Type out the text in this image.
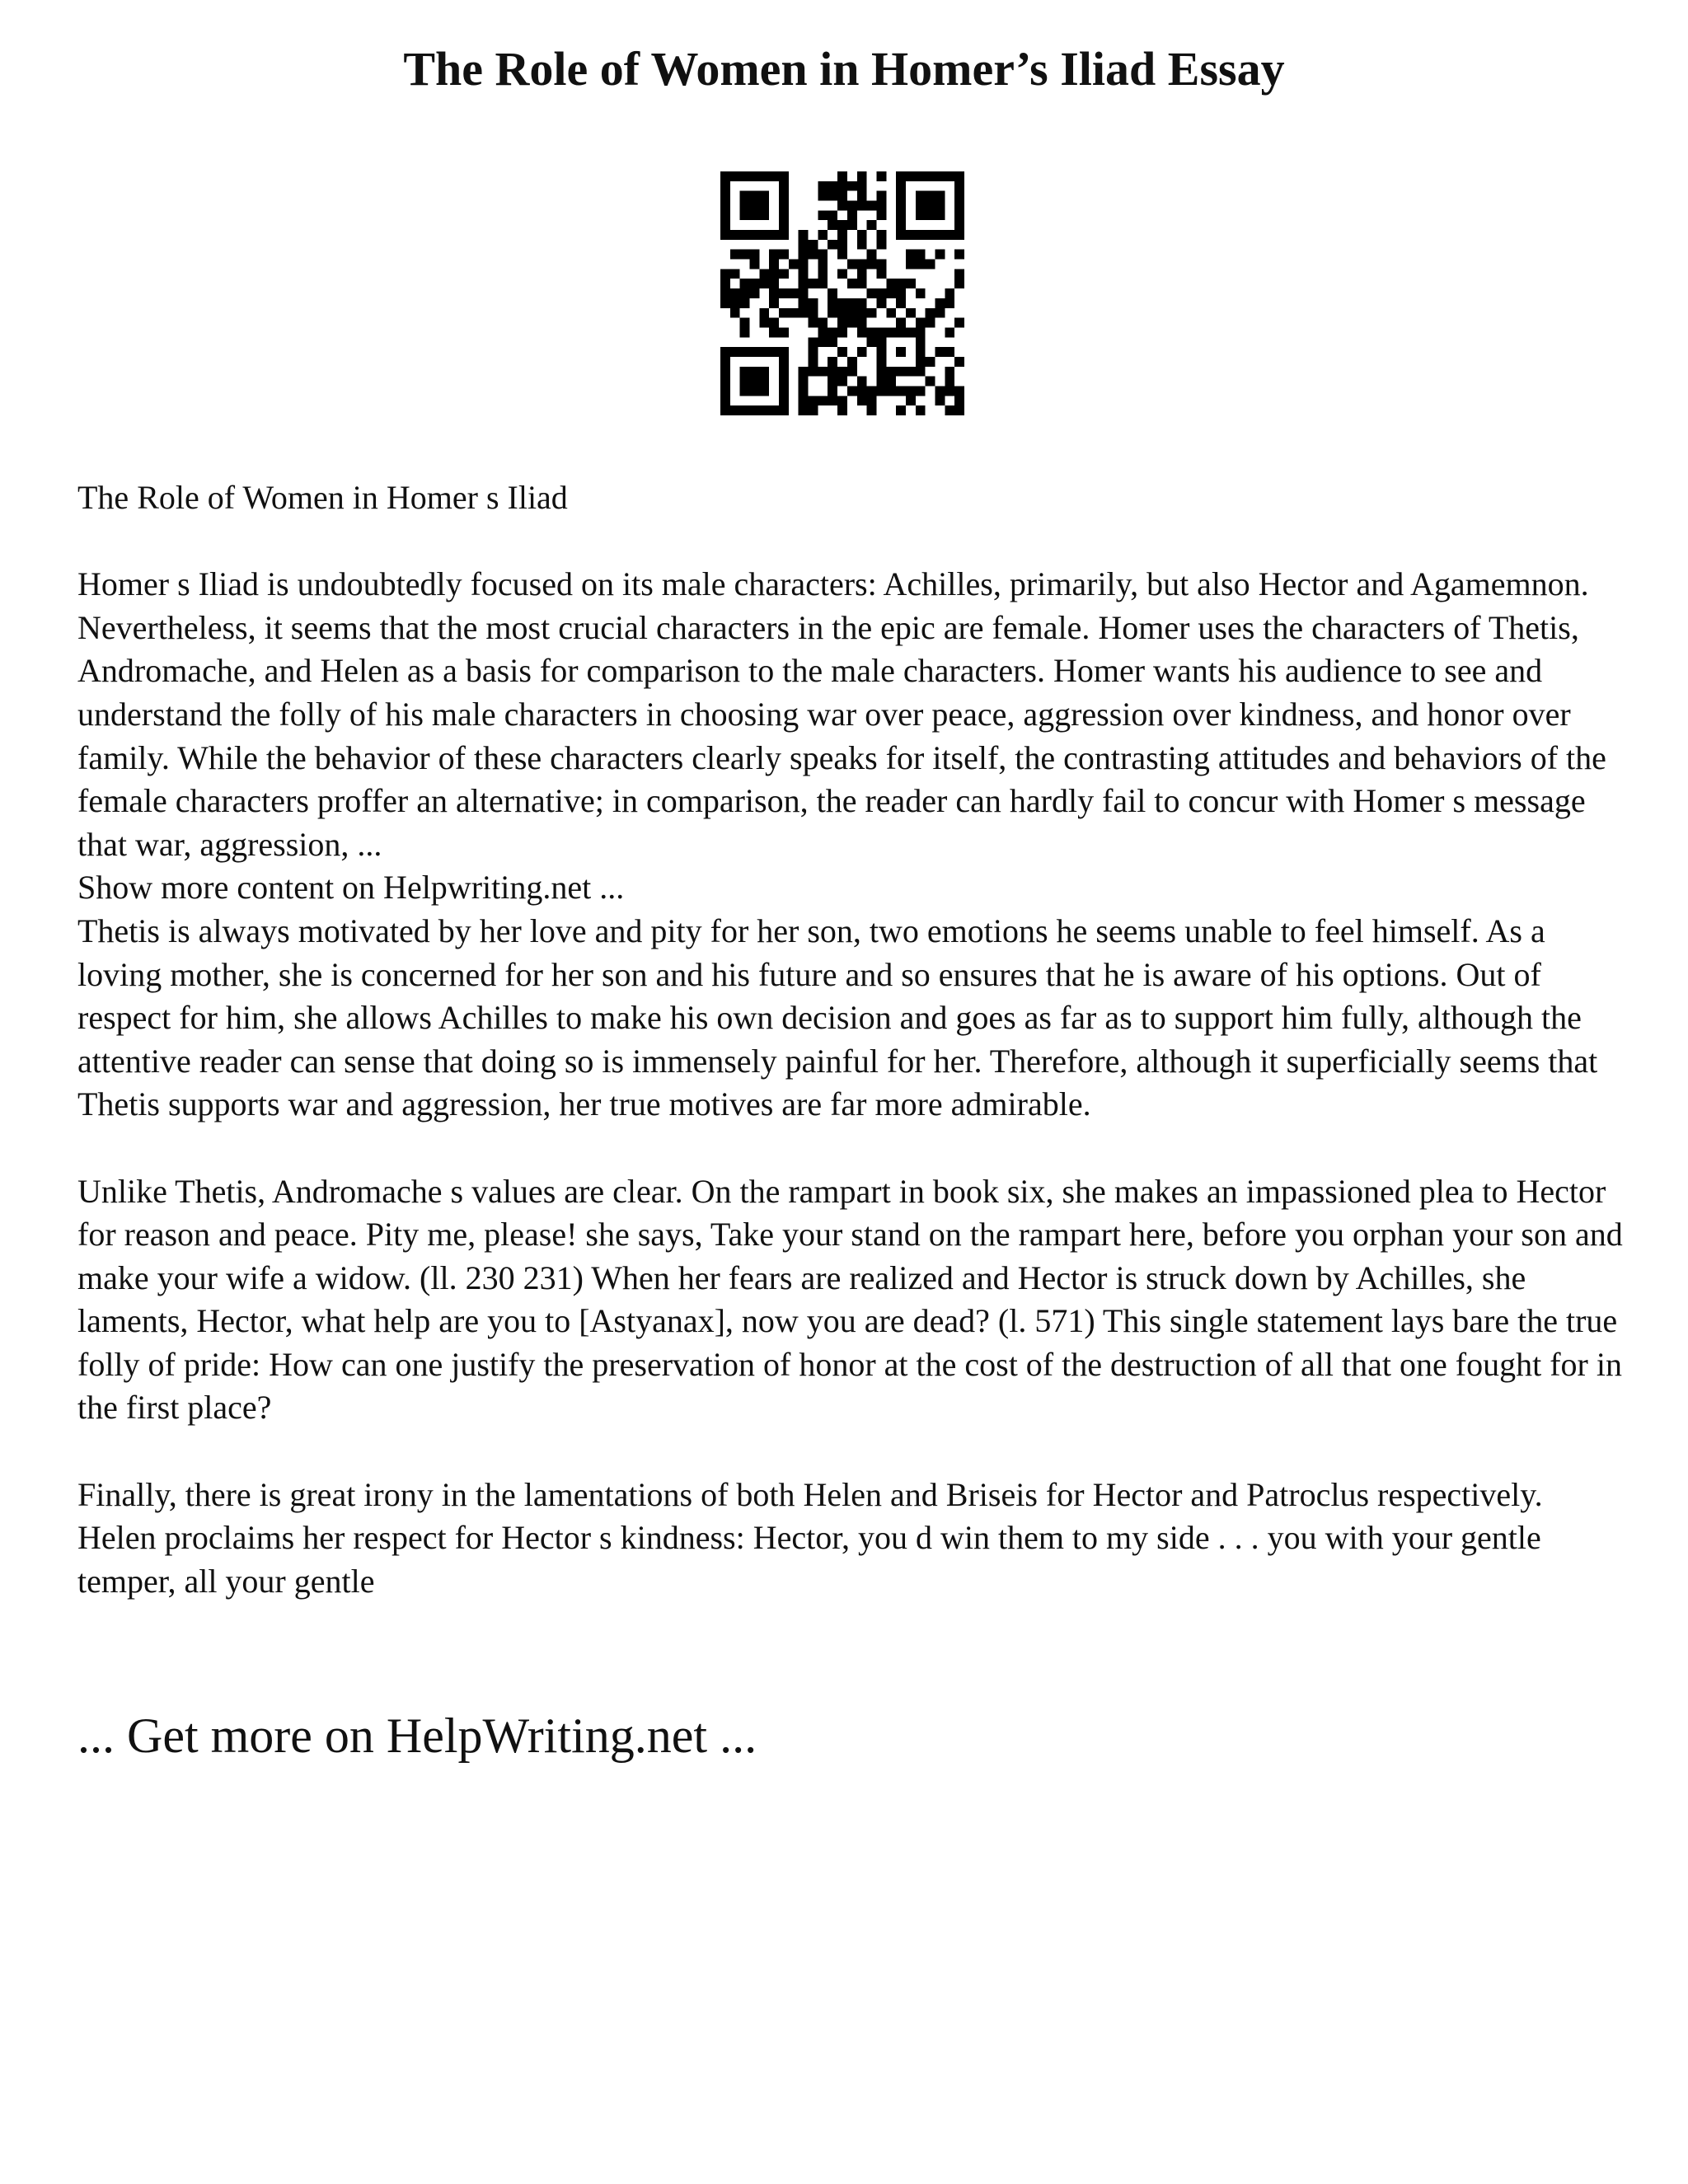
The Role of Women in Homer’s Iliad Essay

The Role of Women in Homer s Iliad

Homer s Iliad is undoubtedly focused on its male characters: Achilles, primarily, but also Hector and Agamemnon. Nevertheless, it seems that the most crucial characters in the epic are female. Homer uses the characters of Thetis, Andromache, and Helen as a basis for comparison to the male characters. Homer wants his audience to see and understand the folly of his male characters in choosing war over peace, aggression over kindness, and honor over family. While the behavior of these characters clearly speaks for itself, the contrasting attitudes and behaviors of the female characters proffer an alternative; in comparison, the reader can hardly fail to concur with Homer s message that war, aggression, ...

Show more content on Helpwriting.net ...

Thetis is always motivated by her love and pity for her son, two emotions he seems unable to feel himself. As a loving mother, she is concerned for her son and his future and so ensures that he is aware of his options. Out of respect for him, she allows Achilles to make his own decision and goes as far as to support him fully, although the attentive reader can sense that doing so is immensely painful for her. Therefore, although it superficially seems that Thetis supports war and aggression, her true motives are far more admirable.

Unlike Thetis, Andromache s values are clear. On the rampart in book six, she makes an impassioned plea to Hector for reason and peace. Pity me, please! she says, Take your stand on the rampart here, before you orphan your son and make your wife a widow. (ll. 230 231) When her fears are realized and Hector is struck down by Achilles, she laments, Hector, what help are you to [Astyanax], now you are dead? (l. 571) This single statement lays bare the true folly of pride: How can one justify the preservation of honor at the cost of the destruction of all that one fought for in the first place?

Finally, there is great irony in the lamentations of both Helen and Briseis for Hector and Patroclus respectively. Helen proclaims her respect for Hector s kindness: Hector, you d win them to my side . . . you with your gentle temper, all your gentle

... Get more on HelpWriting.net ...
